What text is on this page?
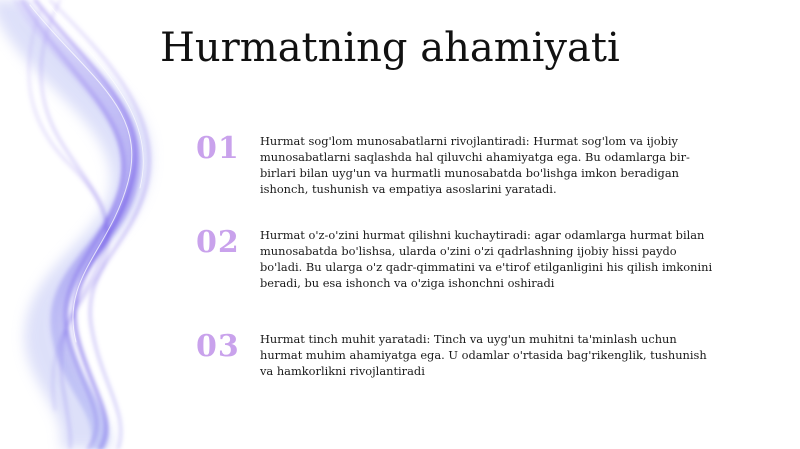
Hurmatning ahamiyati
01	Hurmat sog'lom munosabatlarni rivojlantiradi: Hurmat sog'lom va ijobiy munosabatlarni saqlashda hal qiluvchi ahamiyatga ega. Bu odamlarga bir-birlari bilan uyg'un va hurmatli munosabatda bo'lishga imkon beradigan ishonch, tushunish va empatiya asoslarini yaratadi.

02	Hurmat o'z-o'zini hurmat qilishni kuchaytiradi: agar odamlarga hurmat bilan munosabatda bo'lishsa, ularda o'zini o'zi qadrlashning ijobiy hissi paydo bo'ladi. Bu ularga o'z qadr-qimmatini va e'tirof etilganligini his qilish imkonini beradi, bu esa ishonch va o'ziga ishonchni oshiradi

03	Hurmat tinch muhit yaratadi: Tinch va uyg'un muhitni ta'minlash uchun hurmat muhim ahamiyatga ega. U odamlar o'rtasida bag'rikenglik, tushunish va hamkorlikni rivojlantiradi
